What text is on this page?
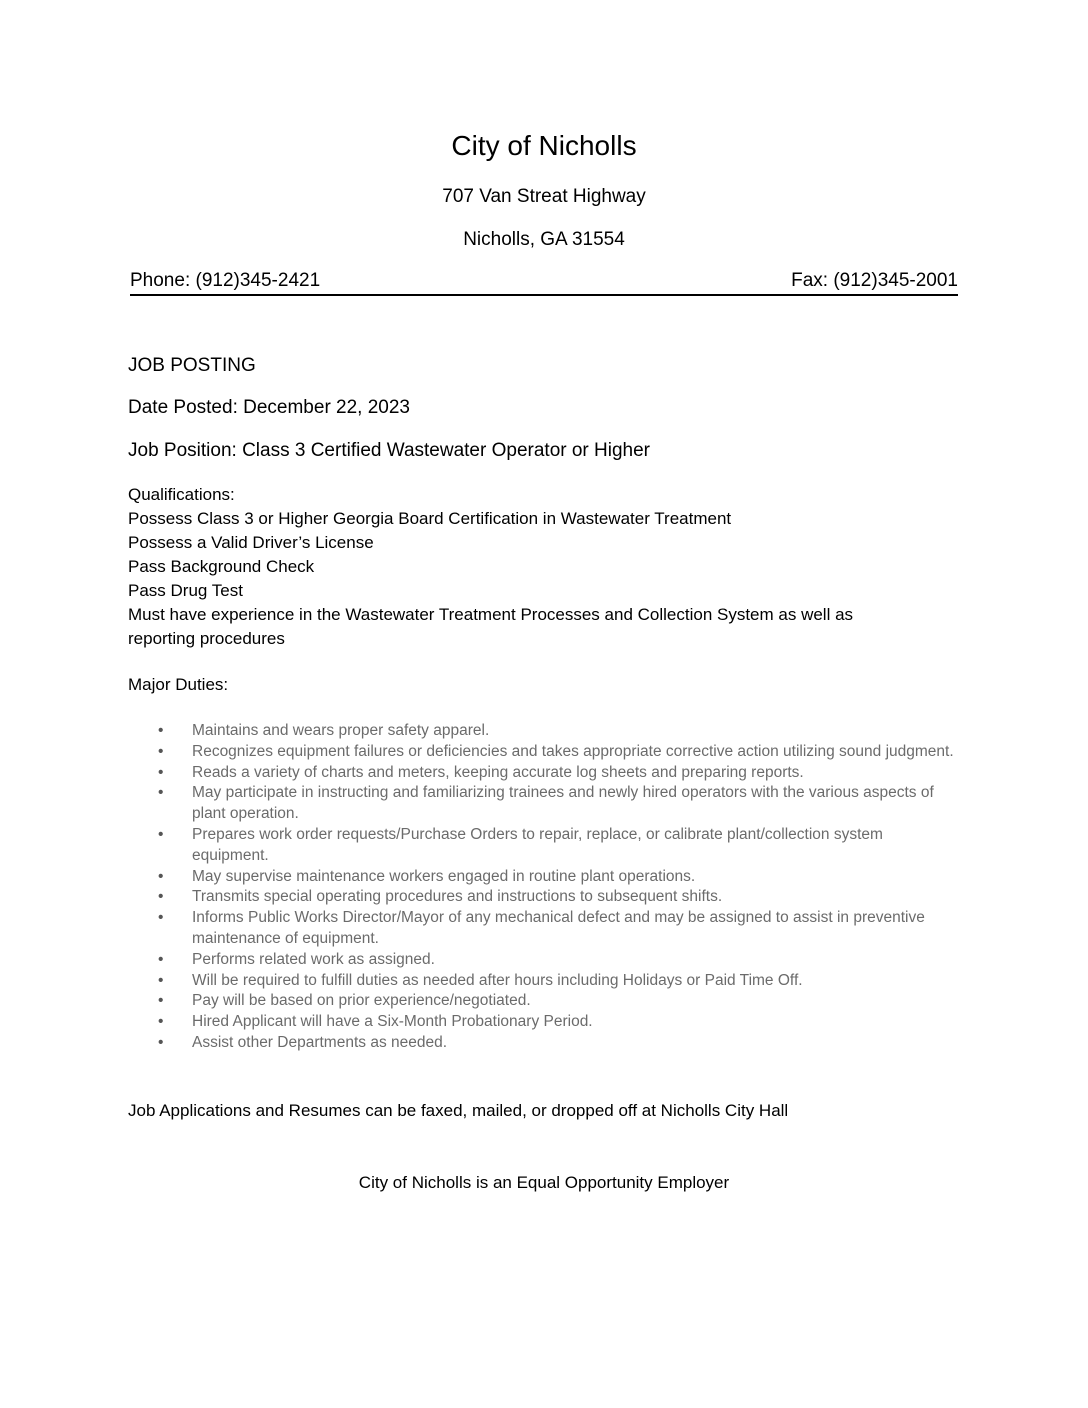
City of Nicholls
707 Van Streat Highway
Nicholls, GA 31554
Phone: (912)345-2421	Fax: (912)345-2001
JOB POSTING
Date Posted: December 22, 2023
Job Position: Class 3 Certified Wastewater Operator or Higher
Qualifications:
Possess Class 3 or Higher Georgia Board Certification in Wastewater Treatment
Possess a Valid Driver’s License
Pass Background Check
Pass Drug Test
Must have experience in the Wastewater Treatment Processes and Collection System as well as
reporting procedures
Major Duties:
• Maintains and wears proper safety apparel.
• Recognizes equipment failures or deficiencies and takes appropriate corrective action utilizing sound judgment.
• Reads a variety of charts and meters, keeping accurate log sheets and preparing reports.
• May participate in instructing and familiarizing trainees and newly hired operators with the various aspects of plant operation.
• Prepares work order requests/Purchase Orders to repair, replace, or calibrate plant/collection system equipment.
• May supervise maintenance workers engaged in routine plant operations.
• Transmits special operating procedures and instructions to subsequent shifts.
• Informs Public Works Director/Mayor of any mechanical defect and may be assigned to assist in preventive maintenance of equipment.
• Performs related work as assigned.
• Will be required to fulfill duties as needed after hours including Holidays or Paid Time Off.
• Pay will be based on prior experience/negotiated.
• Hired Applicant will have a Six-Month Probationary Period.
• Assist other Departments as needed.
Job Applications and Resumes can be faxed, mailed, or dropped off at Nicholls City Hall
City of Nicholls is an Equal Opportunity Employer
